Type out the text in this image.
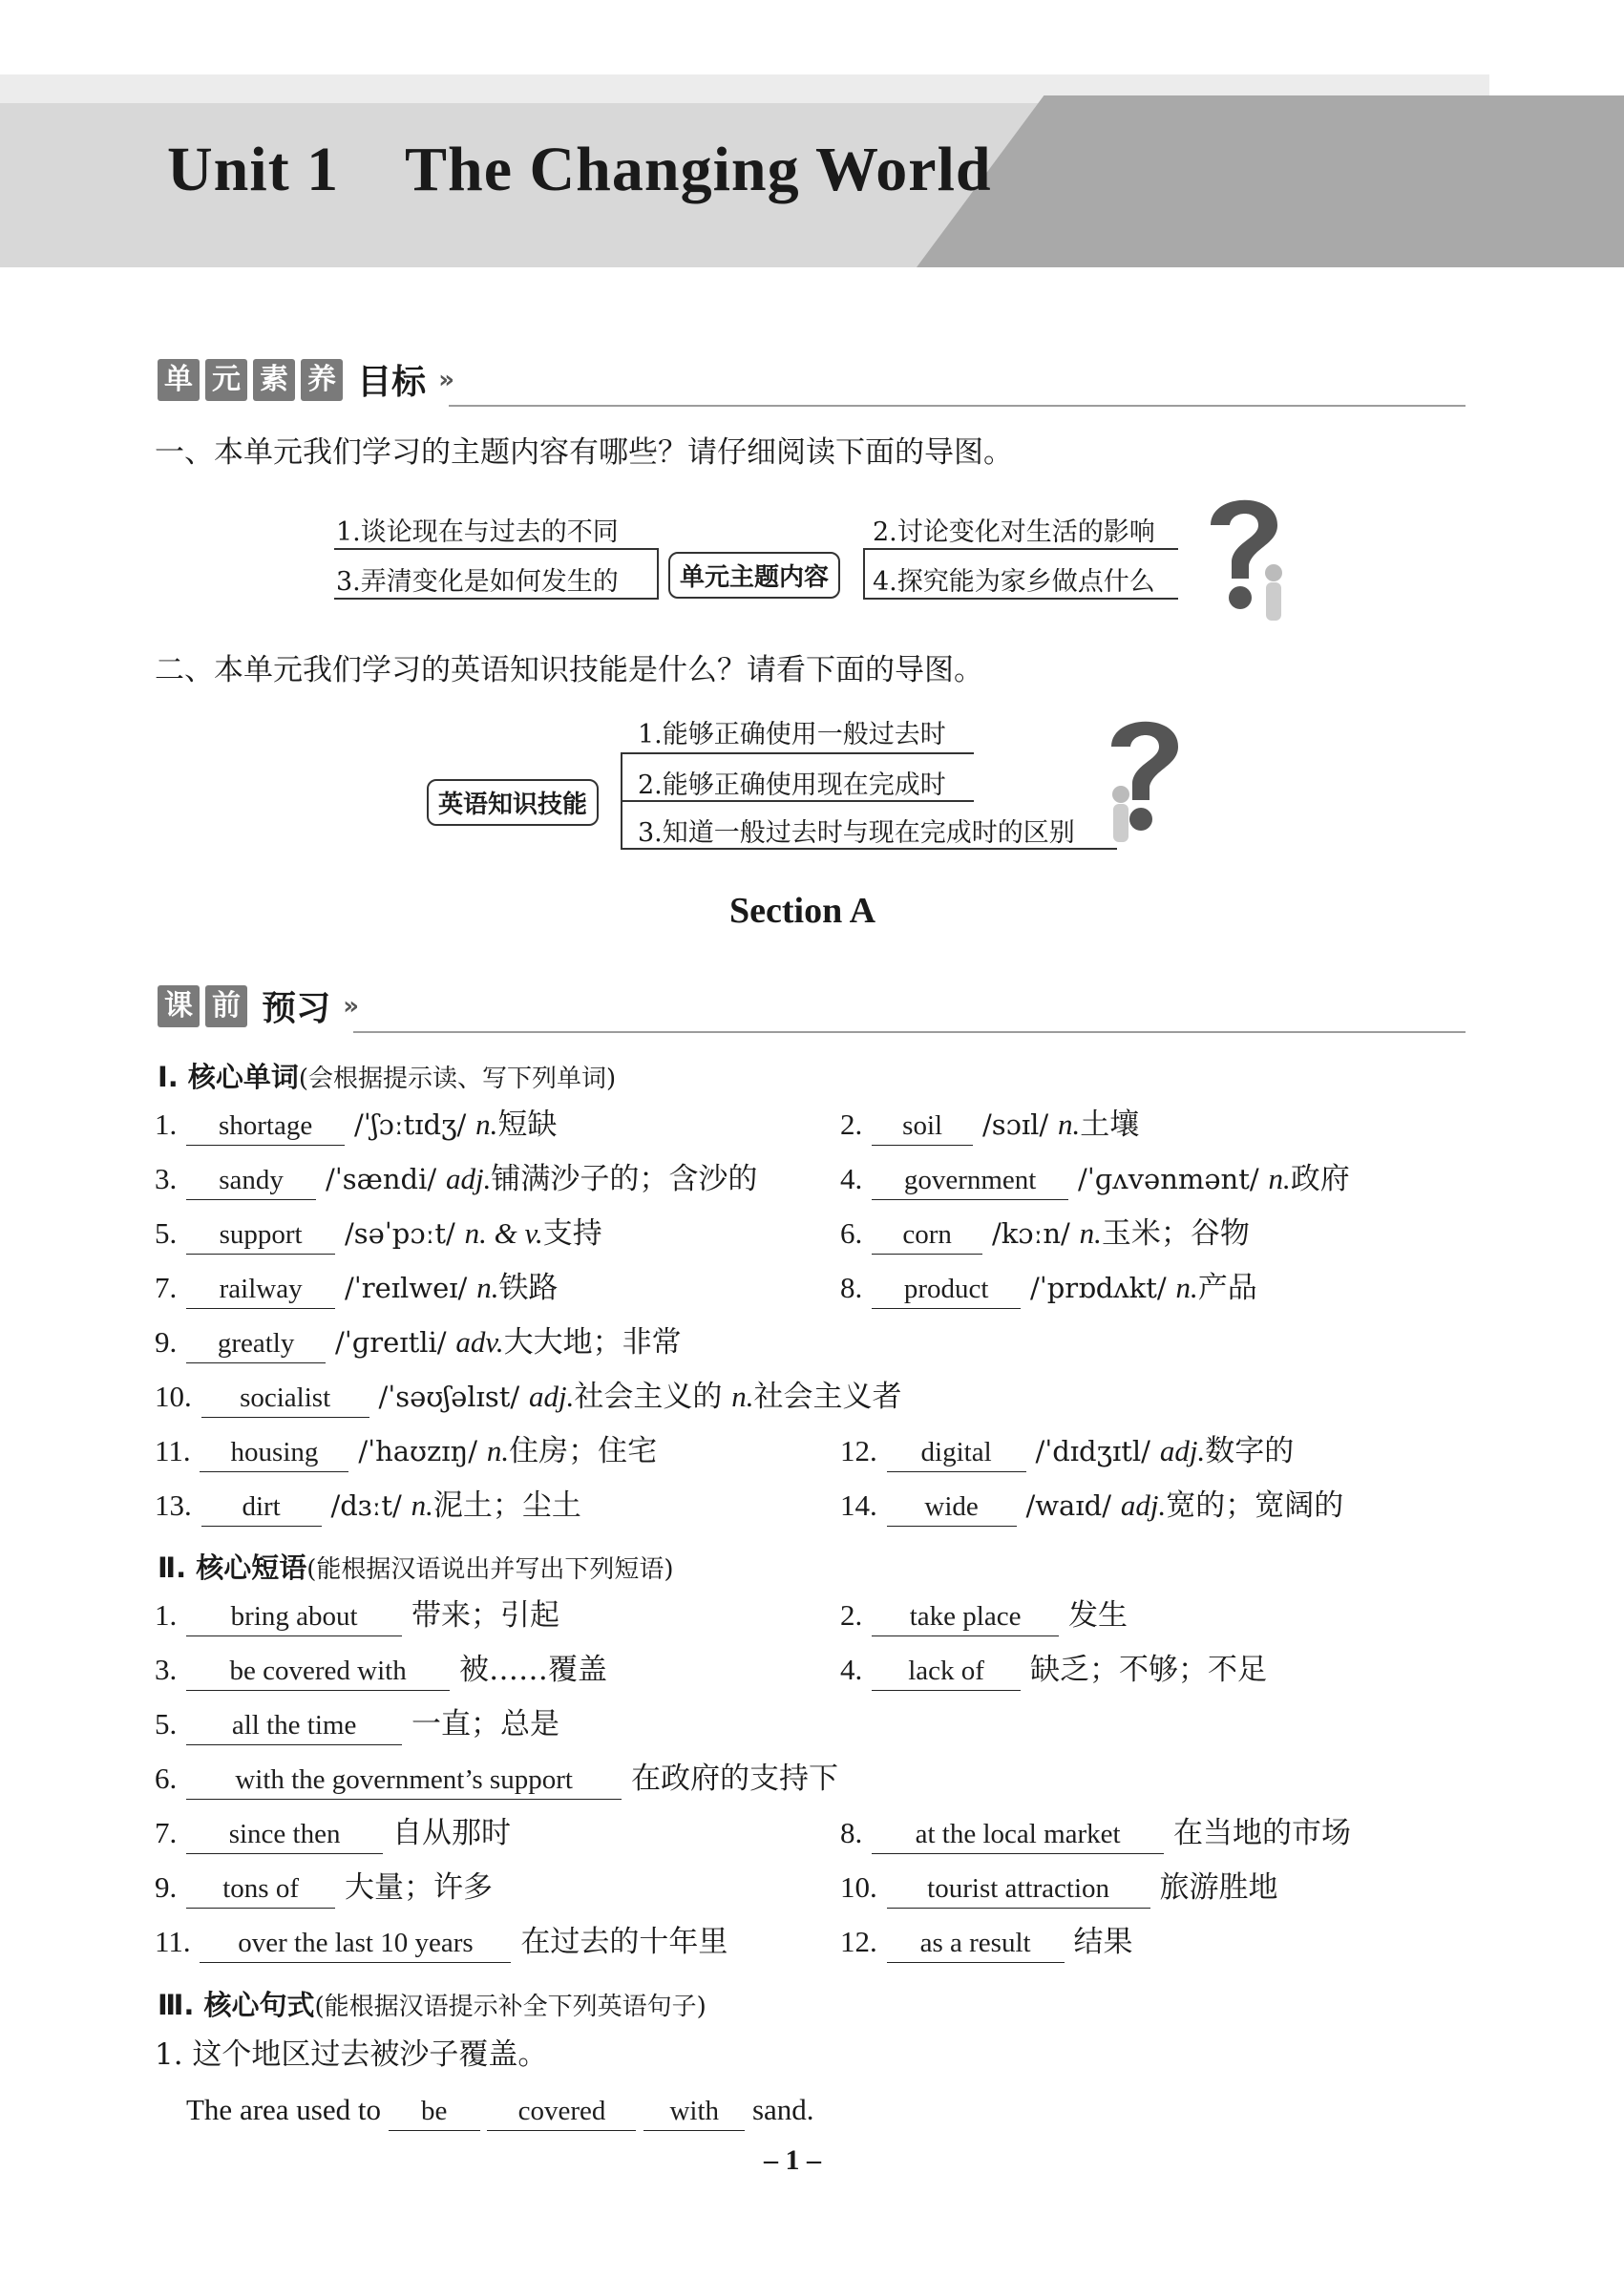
Unit 1    The Changing World
单 元 素 养 目标 »
一、本单元我们学习的主题内容有哪些？请仔细阅读下面的导图。
1.谈论现在与过去的不同
3.弄清变化是如何发生的	单元主题内容
2.讨论变化对生活的影响
4.探究能为家乡做点什么
二、本单元我们学习的英语知识技能是什么？请看下面的导图。
英语知识技能
1.能够正确使用一般过去时
2.能够正确使用现在完成时
3.知道一般过去时与现在完成时的区别
Section A
课 前 预习 »
Ⅰ. 核心单词(会根据提示读、写下列单词)
1. shortage /ˈʃɔːtɪdʒ/ n.短缺	2. soil /sɔɪl/ n.土壤
3. sandy /ˈsændi/ adj.铺满沙子的；含沙的	4. government /ˈɡʌvənmənt/ n.政府
5. support /səˈpɔːt/ n. & v.支持	6. corn /kɔːn/ n.玉米；谷物
7. railway /ˈreɪlweɪ/ n.铁路	8. product /ˈprɒdʌkt/ n.产品
9. greatly /ˈɡreɪtli/ adv.大大地；非常
10. socialist /ˈsəʊʃəlɪst/ adj.社会主义的 n.社会主义者
11. housing /ˈhaʊzɪŋ/ n.住房；住宅	12. digital /ˈdɪdʒɪtl/ adj.数字的
13. dirt /dɜːt/ n.泥土；尘土	14. wide /waɪd/ adj.宽的；宽阔的
Ⅱ. 核心短语(能根据汉语说出并写出下列短语)
1. bring about 带来；引起	2. take place 发生
3. be covered with 被……覆盖	4. lack of 缺乏；不够；不足
5. all the time 一直；总是
6. with the government’s support 在政府的支持下
7. since then 自从那时	8. at the local market 在当地的市场
9. tons of 大量；许多	10. tourist attraction 旅游胜地
11. over the last 10 years 在过去的十年里	12. as a result 结果
Ⅲ. 核心句式(能根据汉语提示补全下列英语句子)
1. 这个地区过去被沙子覆盖。
The area used to be	covered with sand.
– 1 –
